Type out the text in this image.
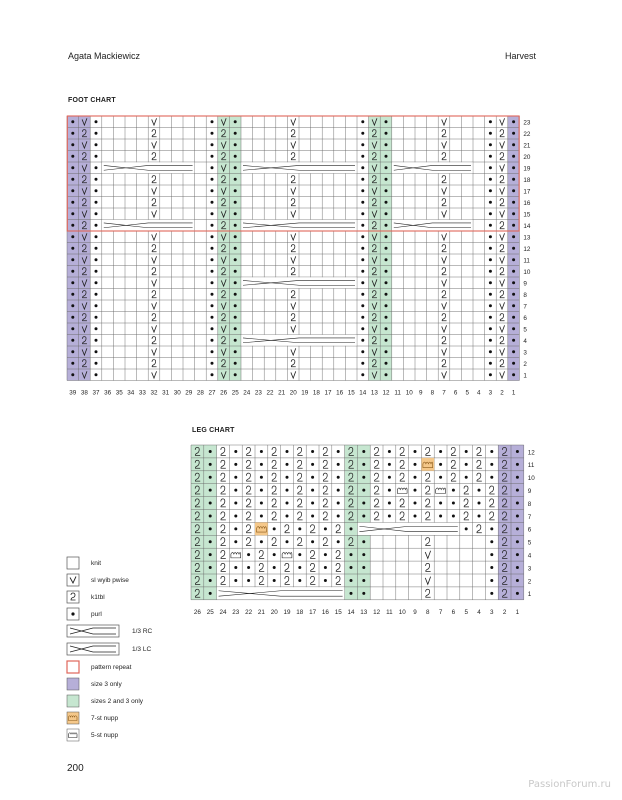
Agata Mackiewicz	Harvest
FOOT CHART
23
22
21
20
19
18
17
16
15
14
13
12
11
10
9
8
7
6
5
4
3
2
1
39 38 37 36 35 34 33 32 31 30 29 28 27 26 25 24 23 22 21 20 19 18 17 16 15 14 13 12 11 10 9 8 7 6 5 4 3 2 1
LEG CHART
12
11
10
9
8
7
6
5
4
3
2
1
26 25 24 23 22 21 20 19 18 17 16 15 14 13 12 11 10 9 8 7 6 5 4 3 2 1
knit
sl wyib pwise
k1tbl
purl
1/3 RC
1/3 LC
pattern repeat
size 3 only
sizes 2 and 3 only
7-st nupp
5-st nupp
200
PassionForum.ru
